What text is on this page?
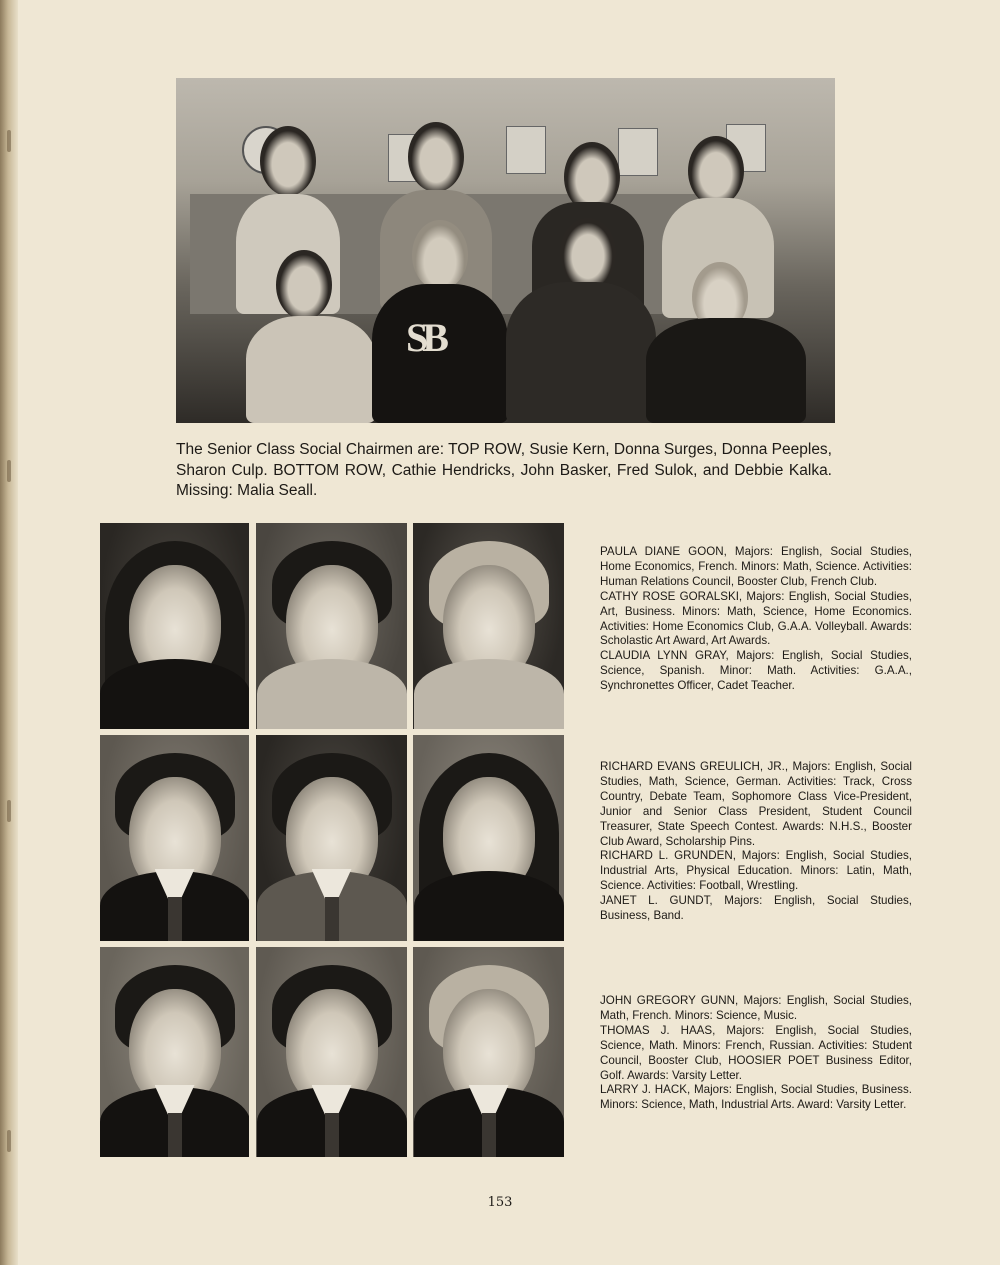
SB
The Senior Class Social Chairmen are: TOP ROW, Susie Kern, Donna Surges, Donna Peeples, Sharon Culp. BOTTOM ROW, Cathie Hendricks, John Basker, Fred Sulok, and Debbie Kalka. Missing: Malia Seall.

PAULA DIANE GOON, Majors: English, Social Studies, Home Economics, French. Minors: Math, Science. Activities: Human Relations Council, Booster Club, French Club.

CATHY ROSE GORALSKI, Majors: English, Social Studies, Art, Business. Minors: Math, Science, Home Economics. Activities: Home Economics Club, G.A.A. Volleyball. Awards: Scholastic Art Award, Art Awards.

CLAUDIA LYNN GRAY, Majors: English, Social Studies, Science, Spanish. Minor: Math. Activities: G.A.A., Synchronettes Officer, Cadet Teacher.

RICHARD EVANS GREULICH, JR., Majors: English, Social Studies, Math, Science, German. Activities: Track, Cross Country, Debate Team, Sophomore Class Vice-President, Junior and Senior Class President, Student Council Treasurer, State Speech Contest. Awards: N.H.S., Booster Club Award, Scholarship Pins.

RICHARD L. GRUNDEN, Majors: English, Social Studies, Industrial Arts, Physical Education. Minors: Latin, Math, Science. Activities: Football, Wrestling.

JANET L. GUNDT, Majors: English, Social Studies, Business, Band.

JOHN GREGORY GUNN, Majors: English, Social Studies, Math, French. Minors: Science, Music.

THOMAS J. HAAS, Majors: English, Social Studies, Science, Math. Minors: French, Russian. Activities: Student Council, Booster Club, HOOSIER POET Business Editor, Golf. Awards: Varsity Letter.

LARRY J. HACK, Majors: English, Social Studies, Business. Minors: Science, Math, Industrial Arts. Award: Varsity Letter.

153
